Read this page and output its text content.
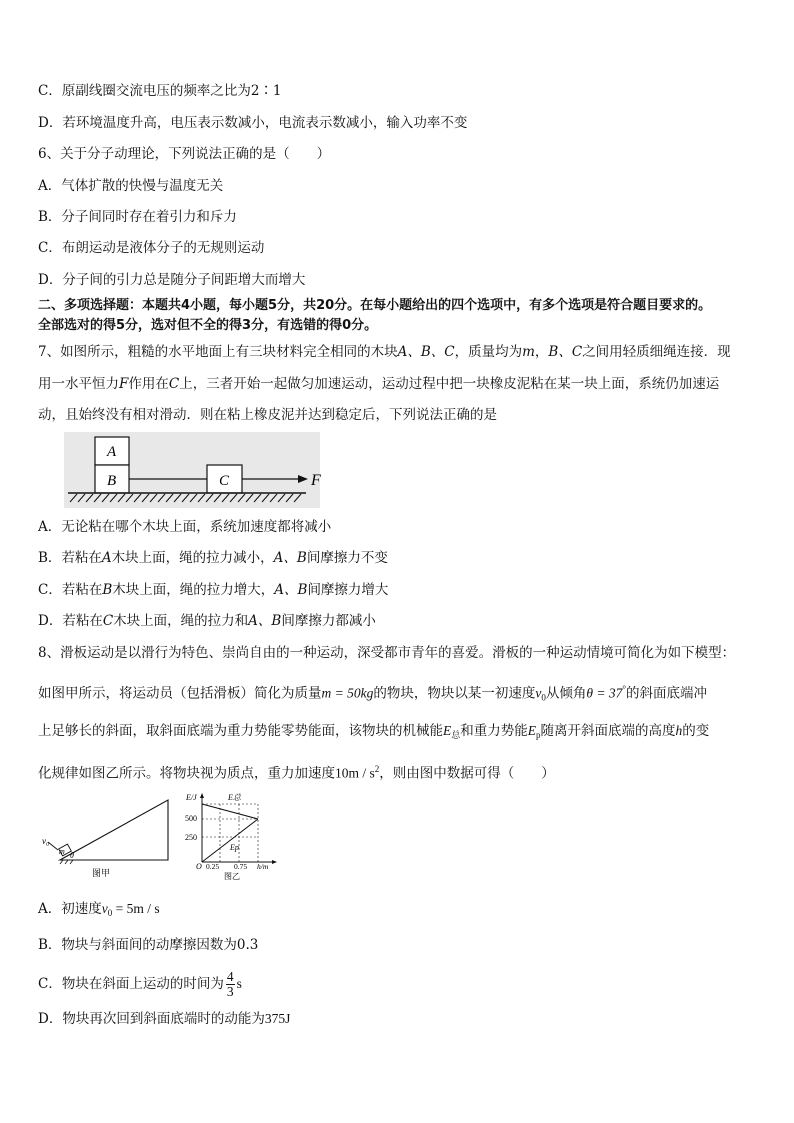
C．原副线圈交流电压的频率之比为2∶1
D．若环境温度升高，电压表示数减小，电流表示数减小，输入功率不变
6、关于分子动理论，下列说法正确的是（　　）
A．气体扩散的快慢与温度无关
B．分子间同时存在着引力和斥力
C．布朗运动是液体分子的无规则运动
D．分子间的引力总是随分子间距增大而增大
二、多项选择题：本题共4小题，每小题5分，共20分。在每小题给出的四个选项中，有多个选项是符合题目要求的。
全部选对的得5分，选对但不全的得3分，有选错的得0分。
7、如图所示，粗糙的水平地面上有三块材料完全相同的木块A、B、C，质量均为m，B、C之间用轻质细绳连接．现
用一水平恒力F作用在C上，三者开始一起做匀加速运动，运动过程中把一块橡皮泥粘在某一块上面，系统仍加速运
动，且始终没有相对滑动．则在粘上橡皮泥并达到稳定后，下列说法正确的是
A
B	C	F
A．无论粘在哪个木块上面，系统加速度都将减小
B．若粘在A木块上面，绳的拉力减小，A、B间摩擦力不变
C．若粘在B木块上面，绳的拉力增大，A、B间摩擦力增大
D．若粘在C木块上面，绳的拉力和A、B间摩擦力都减小
8、滑板运动是以滑行为特色、崇尚自由的一种运动，深受都市青年的喜爱。滑板的一种运动情境可简化为如下模型：
如图甲所示，将运动员（包括滑板）简化为质量m = 50kg的物块，物块以某一初速度$v_0$从倾角θ = 37°的斜面底端冲
上足够长的斜面，取斜面底端为重力势能零势能面，该物块的机械能$E_总$和重力势能$E_p$随离开斜面底端的高度h的变
化规律如图乙所示。将物块视为质点，重力加速度$10m / s^2$，则由图中数据可得（　　）
v₀
m θ
图甲
E/J
500
250
E总
Ep
O 0.25 0.75 h/m
图乙
A．初速度$v_0 = 5m / s$
B．物块与斜面间的动摩擦因数为0.3
C．物块在斜面上运动的时间为 $\frac{4}{3}$ s
D．物块再次回到斜面底端时的动能为375J
